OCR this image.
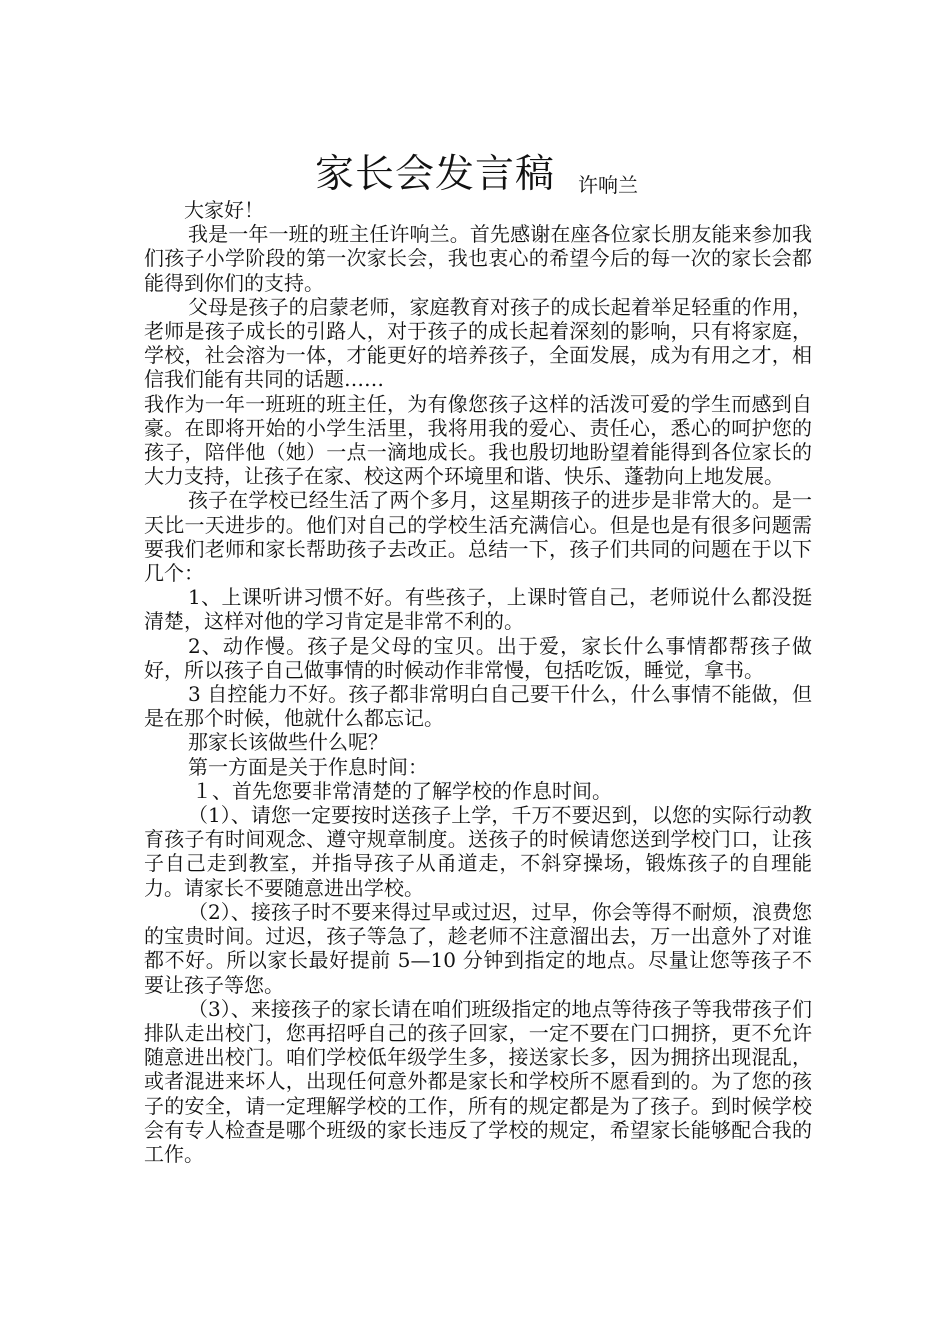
家长会发言稿	许响兰

大家好！

我是一年一班的班主任许响兰。首先感谢在座各位家长朋友能来参加我们孩子小学阶段的第一次家长会，我也衷心的希望今后的每一次的家长会都能得到你们的支持。

父母是孩子的启蒙老师，家庭教育对孩子的成长起着举足轻重的作用，老师是孩子成长的引路人，对于孩子的成长起着深刻的影响，只有将家庭，学校，社会溶为一体，才能更好的培养孩子，全面发展，成为有用之才，相信我们能有共同的话题……

我作为一年一班班的班主任，为有像您孩子这样的活泼可爱的学生而感到自豪。在即将开始的小学生活里，我将用我的爱心、责任心，悉心的呵护您的孩子，陪伴他（她）一点一滴地成长。我也殷切地盼望着能得到各位家长的大力支持，让孩子在家、校这两个环境里和谐、快乐、蓬勃向上地发展。

孩子在学校已经生活了两个多月，这星期孩子的进步是非常大的。是一天比一天进步的。他们对自己的学校生活充满信心。但是也是有很多问题需要我们老师和家长帮助孩子去改正。总结一下，孩子们共同的问题在于以下几个：

1、上课听讲习惯不好。有些孩子，上课时管自己，老师说什么都没挺清楚，这样对他的学习肯定是非常不利的。

2、动作慢。孩子是父母的宝贝。出于爱，家长什么事情都帮孩子做好，所以孩子自己做事情的时候动作非常慢，包括吃饭，睡觉，拿书。

3 自控能力不好。孩子都非常明白自己要干什么，什么事情不能做，但是在那个时候，他就什么都忘记。

那家长该做些什么呢？

第一方面是关于作息时间：

１、首先您要非常清楚的了解学校的作息时间。

（1）、请您一定要按时送孩子上学，千万不要迟到，以您的实际行动教育孩子有时间观念、遵守规章制度。送孩子的时候请您送到学校门口，让孩子自己走到教室，并指导孩子从甬道走，不斜穿操场，锻炼孩子的自理能力。请家长不要随意进出学校。

（2）、接孩子时不要来得过早或过迟，过早，你会等得不耐烦，浪费您的宝贵时间。过迟，孩子等急了，趁老师不注意溜出去，万一出意外了对谁都不好。所以家长最好提前 5—10 分钟到指定的地点。尽量让您等孩子不要让孩子等您。

（3）、来接孩子的家长请在咱们班级指定的地点等待孩子等我带孩子们排队走出校门，您再招呼自己的孩子回家，一定不要在门口拥挤，更不允许随意进出校门。咱们学校低年级学生多，接送家长多，因为拥挤出现混乱，或者混进来坏人，出现任何意外都是家长和学校所不愿看到的。为了您的孩子的安全，请一定理解学校的工作，所有的规定都是为了孩子。到时候学校会有专人检查是哪个班级的家长违反了学校的规定，希望家长能够配合我的工作。
